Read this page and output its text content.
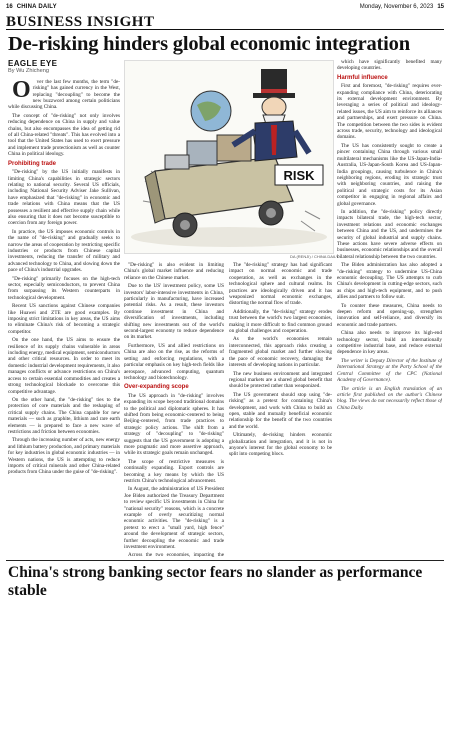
16 CHINA DAILY	Monday, November 6, 2023 15
BUSINESS INSIGHT
De-risking hinders global economic integration

EAGLE EYE

By Wu Zhicheng

O ver the last few months, the term "de-risking" has gained currency in the West, replacing "decoupling" to become the new buzzword among certain politicians while discussing China.

The concept of "de-risking" not only involves reducing dependence on China in supply and value chains, but also encompasses the idea of getting rid of all China-related "threats". This has evolved into a tool that the United States has used to exert pressure and implement trade protectionism as well as counter China in political ideology.

Prohibiting trade

"De-risking" by the US initially manifests in limiting China's capabilities in strategic sectors relating to national security. Several US officials, including National Security Adviser Jake Sullivan, have emphasized that "de-risking" in economic and trade relations with China means that the US possesses a resilient and effective supply chain while also ensuring that it does not become susceptible to coercion from any foreign power.

In practice, the US imposes economic controls in the name of "de-risking" and gradually seeks to narrow the areas of cooperation by restricting specific industries or products from Chinese capital investments, reducing the transfer of military and advanced technology to China, and slowing down the pace of China's industrial upgrades.

"De-risking" primarily focuses on the high-tech sector, especially semiconductors, to prevent China from surpassing its Western counterparts in technological development.

Recent US sanctions against Chinese companies like Huawei and ZTE are good examples. By imposing strict limitations in key areas, the US aims to eliminate China's risk of becoming a strategic competitor.

On the one hand, the US aims to ensure the resilience of its supply chains vulnerable in areas including energy, medical equipment, semiconductors and other critical resources. In order to meet its domestic industrial development requirements, it also manages conflicts or advance restrictions on China's access to certain essential commodities and creates a strong technological blockade to overcome this competitive advantage.

On the other hand, the "de-risking" ties to the protection of core materials and the reshaping of critical supply chains. The China capable for new materials — such as graphite, lithium and rare earth elements — is prepared to face a new wave of restrictions and friction between economies.

Through the increasing number of acts, new energy and lithium battery production, and primary materials for key industries in global economic industries — in Western nations, the US is attempting to reduce imports of critical minerals and other China-related products from China under the guise of "de-risking".

RISK
DA (RENJI) / CHINA DAILY

"De-risking" is also evident in limiting China's global market influence and reducing reliance on the Chinese market.

Due to the US' investment policy, some US investors' labor-intensive investments in China, particularly in manufacturing, have increased potential risks. As a result, these investors continue investment in China and diversification of investments, including shifting new investments out of the world's second-largest economy to reduce dependence on its market.

Furthermore, US and allied restrictions on China are also on the rise, as the reforms of setting and enforcing regulations, with a particular emphasis on key high-tech fields like aerospace, advanced computing, quantum technology and biotechnology.

Over-expanding scope

The US approach in "de-risking" involves expanding its scope beyond traditional domains to the political and diplomatic spheres. It has shifted from being economic-centered to being Beijing-centered, from trade practices to strategic policy actions. The shift from a strategy of "decoupling" to "de-risking" suggests that the US government is adopting a more pragmatic and more assertive approach, while its strategic goals remain unchanged.

The scope of restrictive measures is continually expanding. Export controls are becoming a key means by which the US restricts China's technological advancement.

In August, the administration of US President Joe Biden authorized the Treasury Department to review specific US investments in China for "national security" reasons, which is a concrete example of overly securitizing normal economic activities. The "de-risking" is a pretext to erect a "small yard, high fence" around the development of strategic sectors, further decoupling the economic and trade investment environment.

Across the two economies, impacting the

The "de-risking" strategy has had significant impact on normal economic and trade cooperation, as well as exchanges in the technological sphere and cultural realms. Its practices are ideologically driven and it has weaponized normal economic exchanges, distorting the normal flow of trade.

Additionally, the "de-risking" strategy erodes trust between the world's two largest economies, making it more difficult to find common ground on global challenges and cooperation.

As the world's economies remain interconnected, this approach risks creating a fragmented global market and further slowing the pace of economic recovery, damaging the interests of developing nations in particular.

The new business environment and integrated regional markets are a shared global benefit that should be protected rather than weaponized.

The US government should stop using "de-risking" as a pretext for containing China's development, and work with China to build an open, stable and mutually beneficial economic relationship for the benefit of the two countries and the world.

Ultimately, de-risking hinders economic globalization and integration, and it is not in anyone's interest for the global economy to be split into competing blocs.

which have significantly benefited many developing countries.

Harmful influence

First and foremost, "de-risking" requires ever-expanding compliance with China, deteriorating its external development environment. By leveraging a series of political and ideology-related issues, the US aim to reinforce its alliances and partnerships, and exert pressure on China. The competition between the two sides is evident across trade, security, technology and ideological domains.

The US has consistently sought to create a pincer containing China through various small multilateral mechanisms like the US-Japan-India-Australia, US-Japan-South Korea and US-Japan-India groupings, causing turbulence in China's neighboring regions, eroding its strategic trust with neighboring countries, and raising the political and strategic costs for its Asian competitor in engaging in regional affairs and global governance.

In addition, the "de-risking" policy directly impacts bilateral trade, the high-tech sector, investment relations and economic exchanges between China and the US, and undermines the security of global industrial and supply chains. These actions have severe adverse effects on businesses, economic relationships and the overall bilateral relationship between the two countries.

The Biden administration has also adopted a "de-risking" strategy to undermine US-China economic decoupling. The US attempts to curb China's development in cutting-edge sectors, such as chips and high-tech equipment, and to push allies and partners to follow suit.

To counter these measures, China needs to deepen reform and opening-up, strengthen innovation and self-reliance, and diversify its economic and trade partners.

China also needs to improve its high-end technology sector, build an internationally competitive industrial base, and reduce external dependence in key areas.

The writer is Deputy Director of the Institute of International Strategy at the Party School of the Central Committee of the CPC (National Academy of Governance).

The article is an English translation of an article first published on the author's Chinese blog. The views do not necessarily reflect those of China Daily.

China's strong banking sector fears no slander as performance stable
